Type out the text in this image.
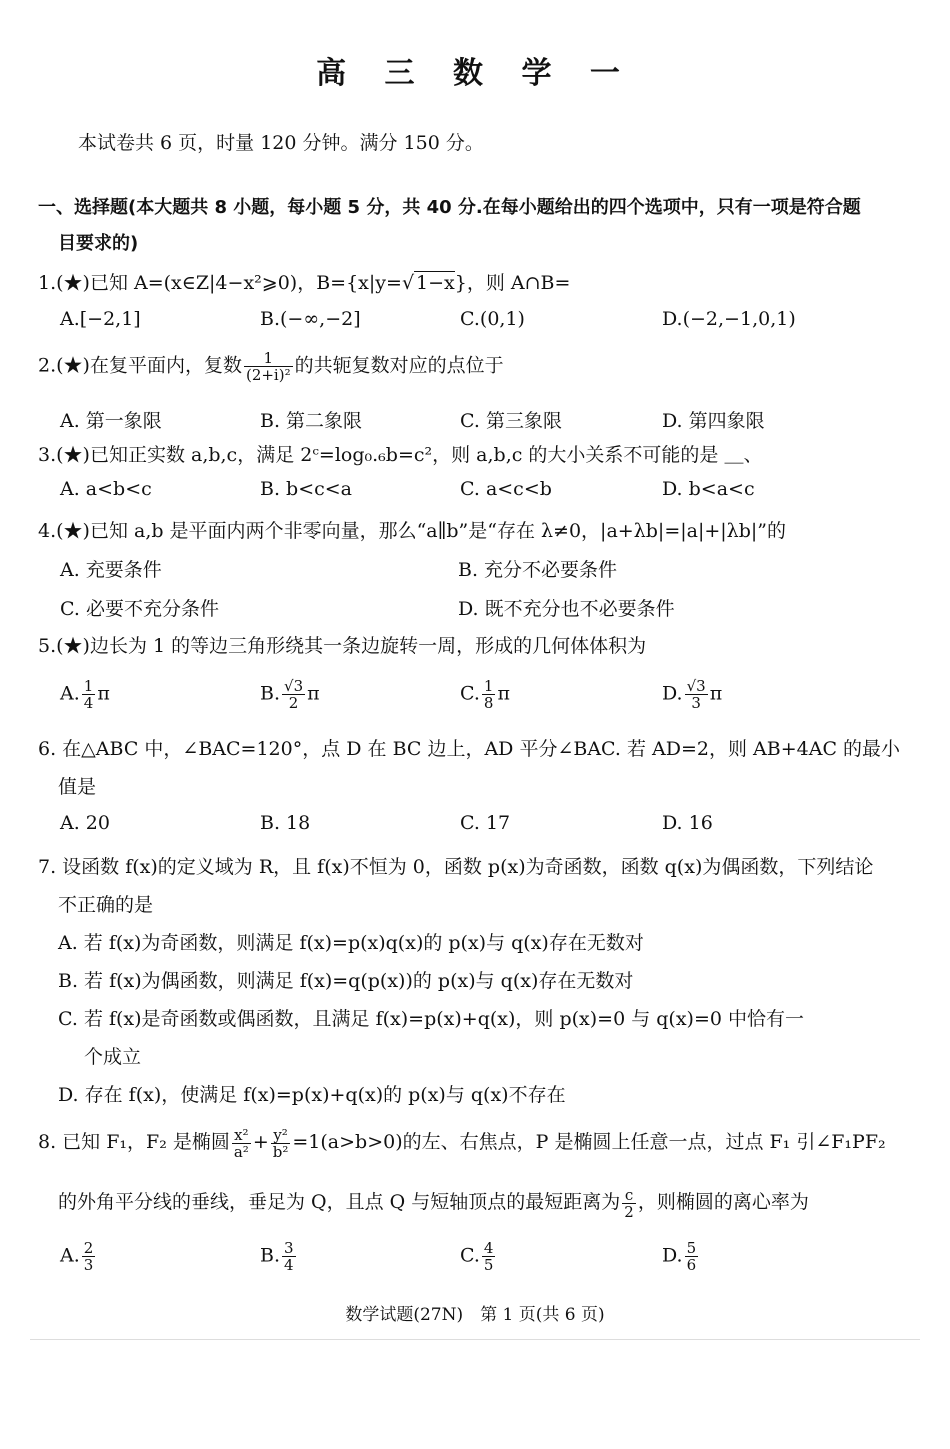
高 三 数 学 一
本试卷共 6 页，时量 120 分钟。满分 150 分。
一、选择题(本大题共 8 小题，每小题 5 分，共 40 分.在每小题给出的四个选项中，只有一项是符合题
目要求的)
1.(★)已知 A=(x∈Z|4−x²⩾0)，B={x|y=√ 1−x}，则 A∩B=
A.[−2,1]	B.(−∞,−2]	C.(0,1)	D.(−2,−1,0,1)
2.(★)在复平面内，复数 $\frac{1}{\text{(2+i)²}}$ 的共轭复数对应的点位于
A. 第一象限	B. 第二象限	C. 第三象限	D. 第四象限
3.(★)已知正实数 a,b,c，满足 2ᶜ=log₀.₆b=c²，则 a,b,c 的大小关系不可能的是 ＿、
A. a<b<c	B. b<c<a	C. a<c<b	D. b<a<c
4.(★)已知 a,b 是平面内两个非零向量，那么“a∥b”是“存在 λ≠0，|a+λb|=|a|+|λb|”的
A. 充要条件	B. 充分不必要条件
C. 必要不充分条件	D. 既不充分也不必要条件
5.(★)边长为 1 的等边三角形绕其一条边旋转一周，形成的几何体体积为
A. $\frac{1}{4}$ π	B. $\frac{√3}{2}$ π	C. $\frac{1}{8}$ π	D. $\frac{√3}{3}$ π
6. 在△ABC 中，∠BAC=120°，点 D 在 BC 边上，AD 平分∠BAC. 若 AD=2，则 AB+4AC 的最小
值是
A. 20	B. 18	C. 17	D. 16
7. 设函数 f(x)的定义域为 R，且 f(x)不恒为 0，函数 p(x)为奇函数，函数 q(x)为偶函数，下列结论
不正确的是
A. 若 f(x)为奇函数，则满足 f(x)=p(x)q(x)的 p(x)与 q(x)存在无数对
B. 若 f(x)为偶函数，则满足 f(x)=q(p(x))的 p(x)与 q(x)存在无数对
C. 若 f(x)是奇函数或偶函数，且满足 f(x)=p(x)+q(x)，则 p(x)=0 与 q(x)=0 中恰有一
个成立
D. 存在 f(x)，使满足 f(x)=p(x)+q(x)的 p(x)与 q(x)不存在
8. 已知 F₁，F₂ 是椭圆 $\frac{\text{x²}}{\text{a²}} + \frac{\text{y²}}{\text{b²}} =1(a>b>0)$的左、右焦点，P 是椭圆上任意一点，过点 F₁ 引∠F₁PF₂
的外角平分线的垂线，垂足为 Q，且点 Q 与短轴顶点的最短距离为 $\frac{c}{2}$ ，则椭圆的离心率为
A. $\frac{2}{3}$	B. $\frac{3}{4}$	C. $\frac{4}{5}$	D. $\frac{5}{6}$
数学试题(27N)　第 1 页(共 6 页)
